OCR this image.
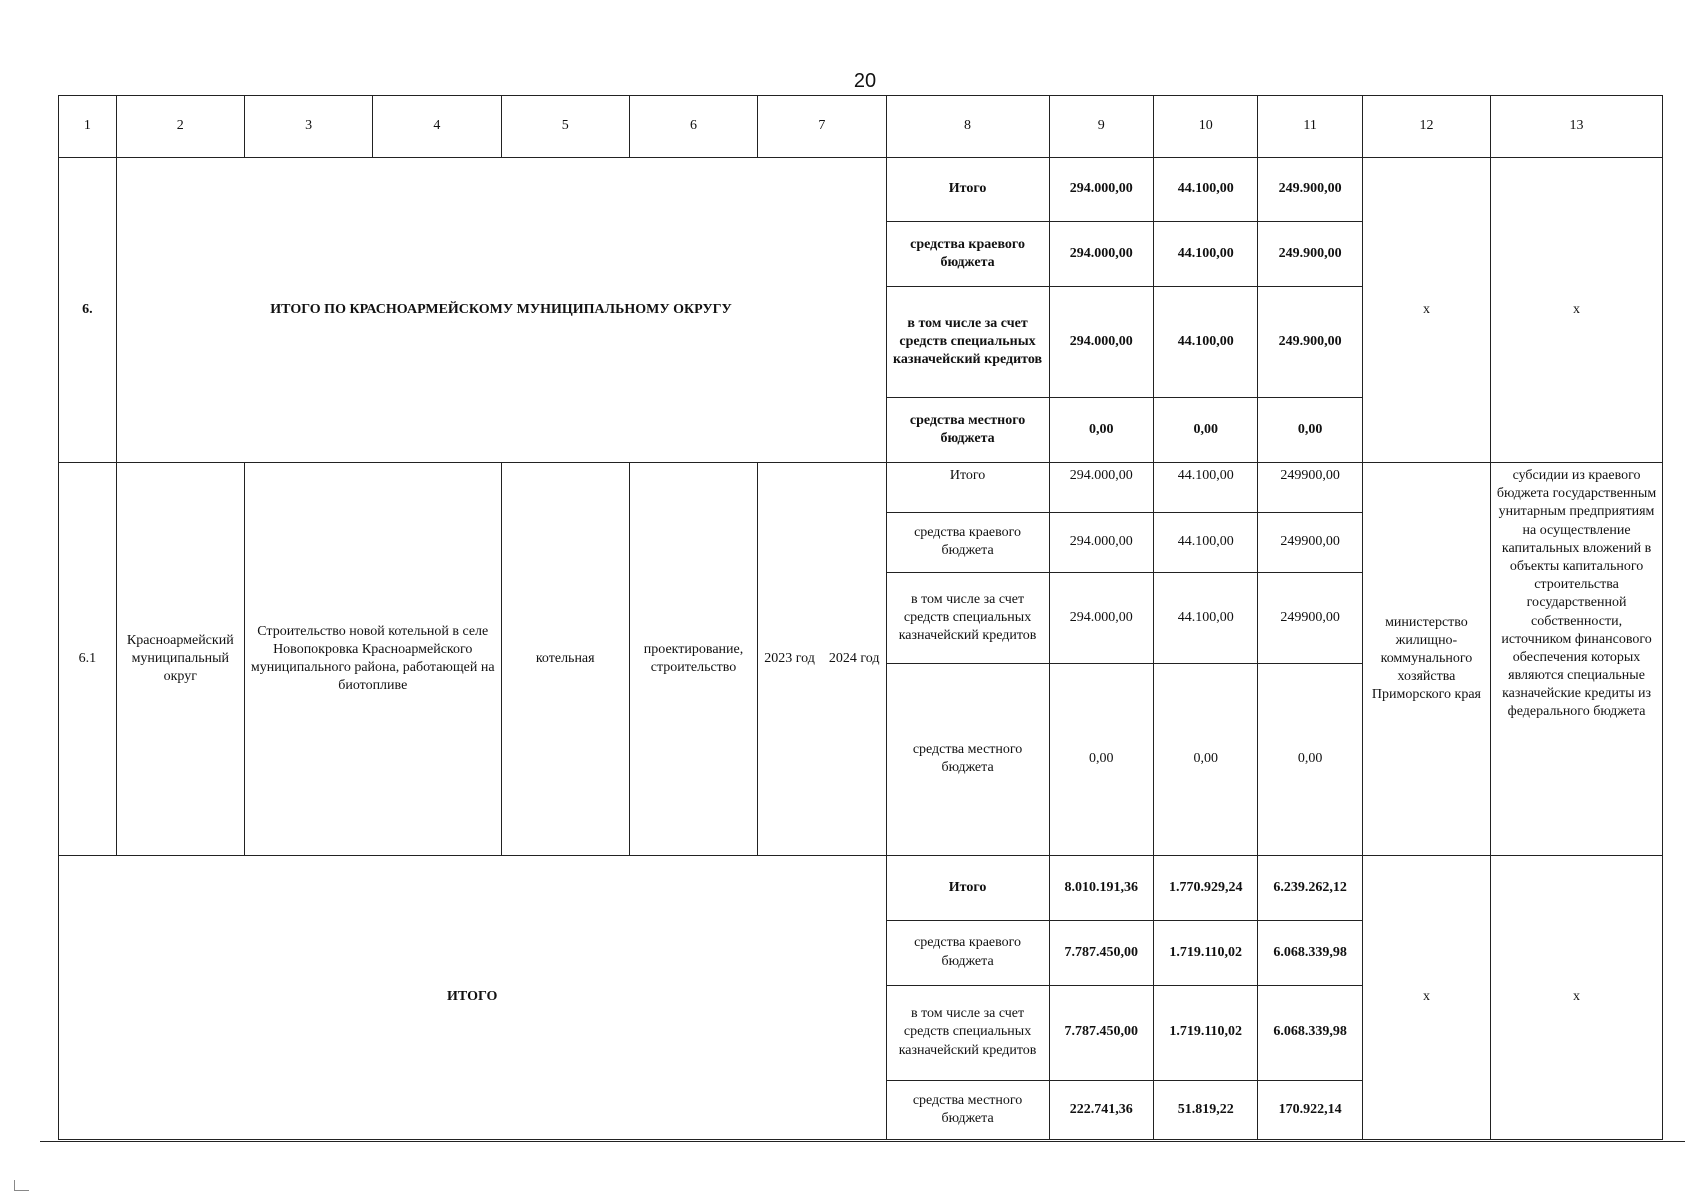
20
1	2	3	4	5	6	7	8	9	10	11	12	13
6.	ИТОГО ПО КРАСНОАРМЕЙСКОМУ МУНИЦИПАЛЬНОМУ ОКРУГУ						Итого	294.000,00	44.100,00	249.900,00	х	х
							средства краевого бюджета	294.000,00	44.100,00	249.900,00		
							в том числе за счет средств специальных казначейский кредитов	294.000,00	44.100,00	249.900,00		
							средства местного бюджета	0,00	0,00	0,00		
6.1	Красноармейский муниципальный округ	Строительство новой котельной в селе Новопокровка Красноармейского муниципального района, работающей на биотопливе		котельная	проектирование, строительство	2023 год 2024 год	Итого	294.000,00	44.100,00	249900,00	министерство жилищно-коммунального хозяйства Приморского края	субсидии из краевого бюджета государственным унитарным предприятиям на осуществление капитальных вложений в объекты капитального строительства государственной собственности, источником финансового обеспечения которых являются специальные казначейские кредиты из федерального бюджета
							средства краевого бюджета	294.000,00	44.100,00	249900,00		
							в том числе за счет средств специальных казначейский кредитов	294.000,00	44.100,00	249900,00		
							средства местного бюджета	0,00	0,00	0,00		
ИТОГО							Итого	8.010.191,36	1.770.929,24	6.239.262,12	х	х
							средства краевого бюджета	7.787.450,00	1.719.110,02	6.068.339,98		
							в том числе за счет средств специальных казначейский кредитов	7.787.450,00	1.719.110,02	6.068.339,98		
							средства местного бюджета	222.741,36	51.819,22	170.922,14		
